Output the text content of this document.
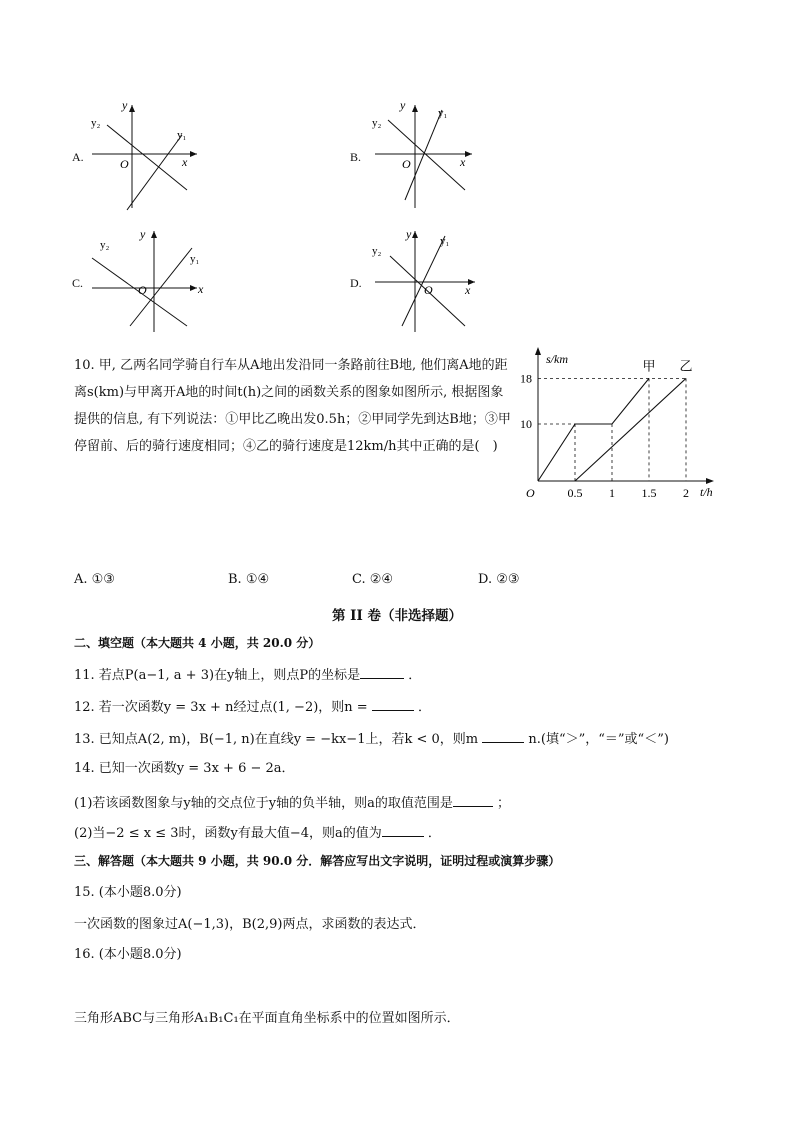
A.
y₂
y₁
y
x
O	B.
y₂
y₁
y
x
O
C.
y₂
y₁
y
x
O	D.
y₂
y₁
y
x
O
10. 甲, 乙两名同学骑自行车从A地出发沿同一条路前往B地, 他们离A地的距离s(km)与甲离开A地的时间t(h)之间的函数关系的图象如图所示, 根据图象提供的信息, 有下列说法：①甲比乙晚出发0.5h；②甲同学先到达B地；③甲停留前、后的骑行速度相同；④乙的骑行速度是12km/h其中正确的是(　)
s/km
t/h
O	0.5 1 1.5 2
10
18
甲 乙
A. ①③	B. ①④	C. ②④	D. ②③
第 II 卷（非选择题）
二、填空题（本大题共 4 小题，共 20.0 分）
11. 若点P(a−1, a + 3)在y轴上，则点P的坐标是	．
12. 若一次函数y = 3x + n经过点(1, −2)，则n =	．
13. 已知点A(2, m)，B(−1, n)在直线y = −kx−1上，若k < 0，则m	n.(填“＞”，“＝”或“＜”)
14. 已知一次函数y = 3x + 6 − 2a．
(1)若该函数图象与y轴的交点位于y轴的负半轴，则a的取值范围是	；
(2)当−2 ≤ x ≤ 3时，函数y有最大值−4，则a的值为	．
三、解答题（本大题共 9 小题，共 90.0 分．解答应写出文字说明，证明过程或演算步骤）
15. (本小题8.0分)
一次函数的图象过A(−1,3)，B(2,9)两点，求函数的表达式．
16. (本小题8.0分)
三角形ABC与三角形A₁B₁C₁在平面直角坐标系中的位置如图所示．
